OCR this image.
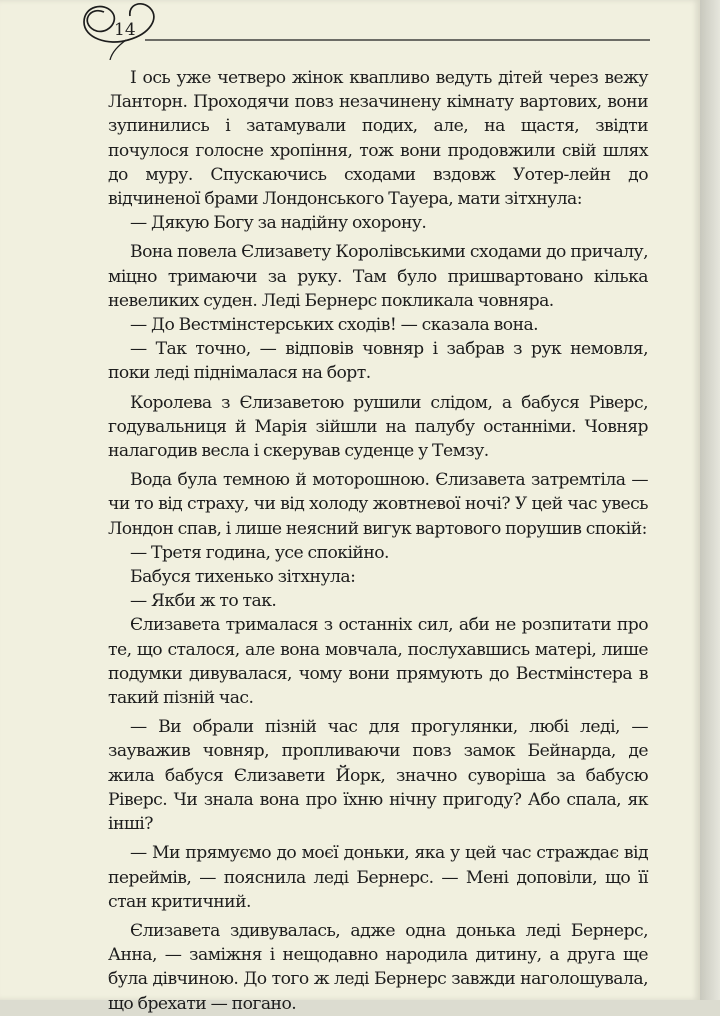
14

І ось уже четверо жінок квапливо ведуть дітей через вежу Ланторн. Проходячи повз незачинену кімнату вартових, вони зупинились і затамували подих, але, на щастя, звідти почулося голосне хропіння, тож вони продовжили свій шлях до муру. Спускаючись сходами вздовж Уотер-лейн до відчиненої брами Лондонського Тауера, мати зітхнула:

— Дякую Богу за надійну охорону.

Вона повела Єлизавету Королівськими сходами до причалу, міцно тримаючи за руку. Там було пришвартовано кілька невеликих суден. Леді Бернерс покликала човняра.

— До Вестмінстерських сходів! — сказала вона.

— Так точно, — відповів човняр і забрав з рук немовля, поки леді піднімалася на борт.

Королева з Єлизаветою рушили слідом, а бабуся Ріверс, годувальниця й Марія зійшли на палубу останніми. Човняр налагодив весла і скерував суденце у Темзу.

Вода була темною й моторошною. Єлизавета затремтіла — чи то від страху, чи від холоду жовтневої ночі? У цей час увесь Лондон спав, і лише неясний вигук вартового порушив спокій:

— Третя година, усе спокійно.

Бабуся тихенько зітхнула:

— Якби ж то так.

Єлизавета трималася з останніх сил, аби не розпитати про те, що сталося, але вона мовчала, послухавшись матері, лише подумки дивувалася, чому вони прямують до Вестмінстера в такий пізній час.

— Ви обрали пізній час для прогулянки, любі леді, — зауважив човняр, пропливаючи повз замок Бейнарда, де жила бабуся Єлизавети Йорк, значно суворіша за бабусю Ріверс. Чи знала вона про їхню нічну пригоду? Або спала, як інші?

— Ми прямуємо до моєї доньки, яка у цей час страждає від переймів, — пояснила леді Бернерс. — Мені доповіли, що її стан критичний.

Єлизавета здивувалась, адже одна донька леді Бернерс, Анна, — заміжня і нещодавно народила дитину, а друга ще була дівчиною. До того ж леді Бернерс завжди наголошувала, що брехати — погано.
